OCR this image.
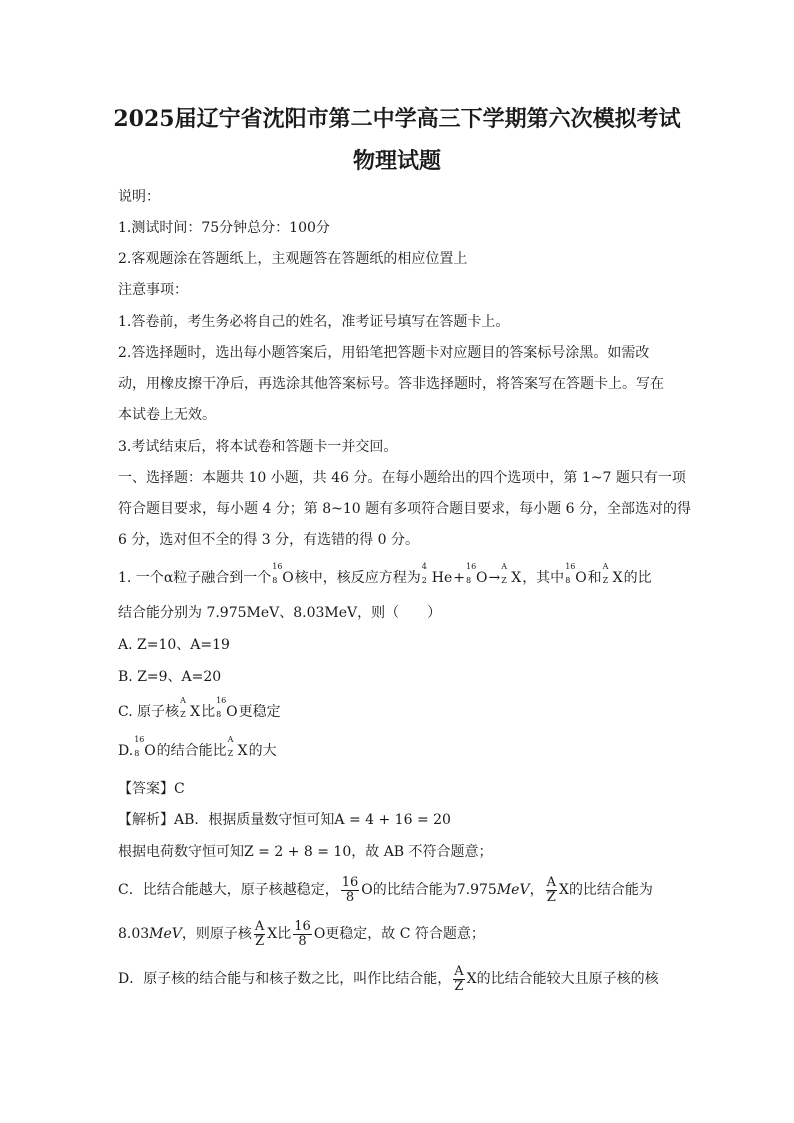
2025届辽宁省沈阳市第二中学高三下学期第六次模拟考试
物理试题
说明：
1.测试时间：75分钟总分：100分
2.客观题涂在答题纸上，主观题答在答题纸的相应位置上
注意事项：
1.答卷前，考生务必将自己的姓名，准考证号填写在答题卡上。
2.答选择题时，选出每小题答案后，用铅笔把答题卡对应题目的答案标号涂黑。如需改
动，用橡皮擦干净后，再选涂其他答案标号。答非选择题时，将答案写在答题卡上。写在
本试卷上无效。
3.考试结束后，将本试卷和答题卡一并交回。
一、选择题：本题共 10 小题，共 46 分。在每小题给出的四个选项中，第 1~7 题只有一项
符合题目要求，每小题 4 分；第 8~10 题有多项符合题目要求，每小题 6 分，全部选对的得
6 分，选对但不全的得 3 分，有选错的得 0 分。
1. 一个α粒子融合到一个
16
8 O核中，核反应方程为
4
2 He+
16
8 O→
A
Z X，其中
16
8 O和
A
Z X的比
结合能分别为 7.975MeV、8.03MeV，则（　　）
A. Z=10、A=19
B. Z=9、A=20
C. 原子核
A
Z X比
16
8 O更稳定
D.
16
8 O的结合能比
A
Z X的大
【答案】C
【解析】AB．根据质量数守恒可知A = 4 + 16 = 20
根据电荷数守恒可知Z = 2 + 8 = 10，故 AB 不符合题意；
C．比结合能越大，原子核越稳定， $\frac{16}{8}$ O的比结合能为7.975MeV， $\frac{A}{Z}$ X的比结合能为
8.03MeV，则原子核 $\frac{A}{Z}$ X比 $\frac{16}{8}$ O更稳定，故 C 符合题意；
D．原子核的结合能与和核子数之比，叫作比结合能， $\frac{A}{Z}$ X的比结合能较大且原子核的核
